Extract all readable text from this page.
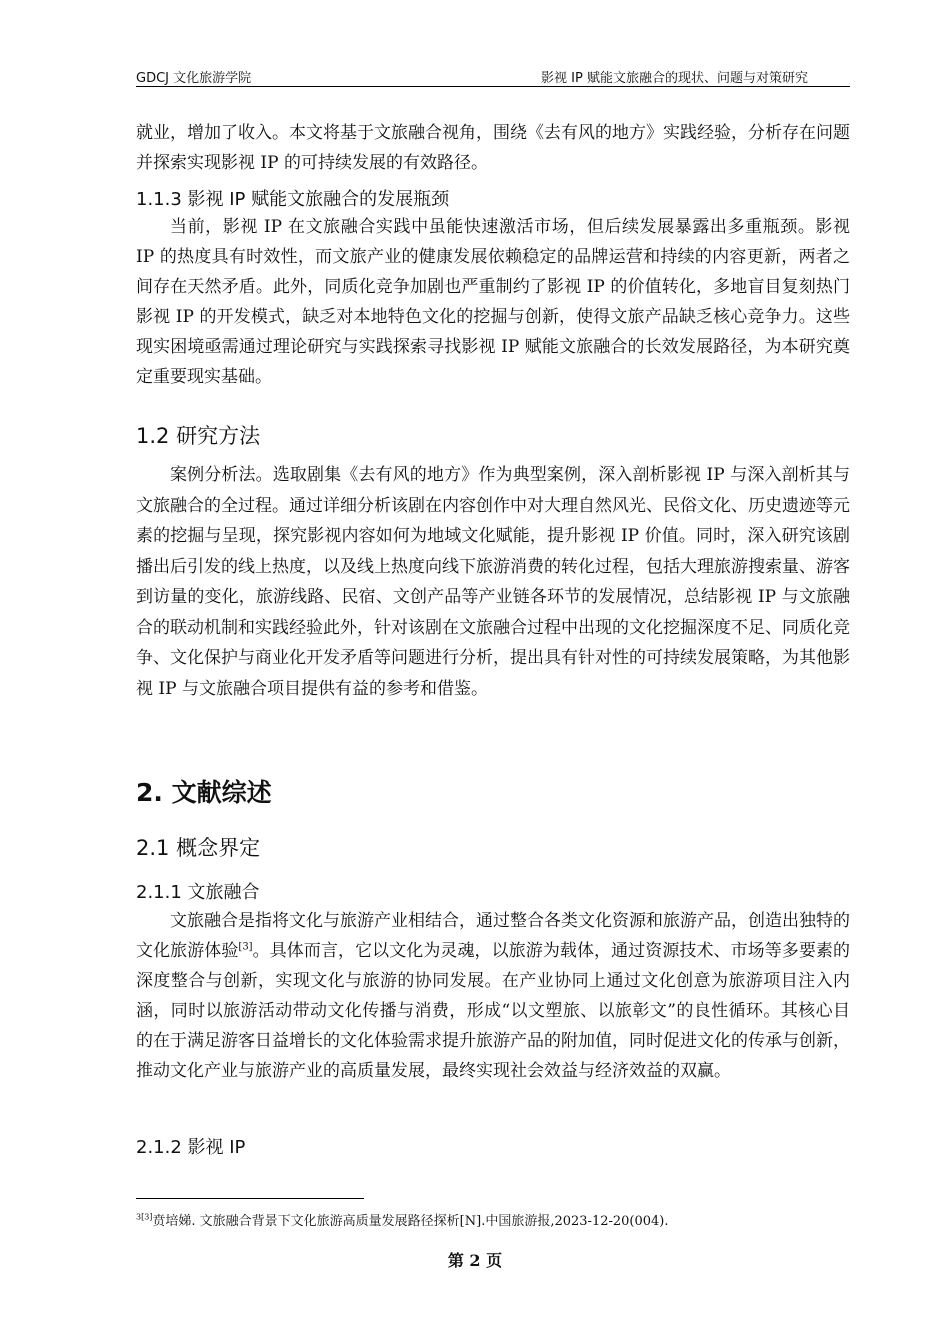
GDCJ 文化旅游学院	影视 IP 赋能文旅融合的现状、问题与对策研究
就业，增加了收入。本文将基于文旅融合视角，围绕《去有风的地方》实践经验，分析存在问题并探索实现影视 IP 的可持续发展的有效路径。
1.1.3 影视 IP 赋能文旅融合的发展瓶颈
当前，影视 IP 在文旅融合实践中虽能快速激活市场，但后续发展暴露出多重瓶颈。影视 IP 的热度具有时效性，而文旅产业的健康发展依赖稳定的品牌运营和持续的内容更新，两者之间存在天然矛盾。此外，同质化竞争加剧也严重制约了影视 IP 的价值转化，多地盲目复刻热门影视 IP 的开发模式，缺乏对本地特色文化的挖掘与创新，使得文旅产品缺乏核心竞争力。这些现实困境亟需通过理论研究与实践探索寻找影视 IP 赋能文旅融合的长效发展路径，为本研究奠定重要现实基础。
1.2 研究方法
案例分析法。选取剧集《去有风的地方》作为典型案例，深入剖析影视 IP 与深入剖析其与文旅融合的全过程。通过详细分析该剧在内容创作中对大理自然风光、民俗文化、历史遗迹等元素的挖掘与呈现，探究影视内容如何为地域文化赋能，提升影视 IP 价值。同时，深入研究该剧播出后引发的线上热度，以及线上热度向线下旅游消费的转化过程，包括大理旅游搜索量、游客到访量的变化，旅游线路、民宿、文创产品等产业链各环节的发展情况，总结影视 IP 与文旅融合的联动机制和实践经验此外，针对该剧在文旅融合过程中出现的文化挖掘深度不足、同质化竞争、文化保护与商业化开发矛盾等问题进行分析，提出具有针对性的可持续发展策略，为其他影视 IP 与文旅融合项目提供有益的参考和借鉴。
2. 文献综述
2.1 概念界定
2.1.1 文旅融合
文旅融合是指将文化与旅游产业相结合，通过整合各类文化资源和旅游产品，创造出独特的文化旅游体验[3]。具体而言，它以文化为灵魂，以旅游为载体，通过资源技术、市场等多要素的深度整合与创新，实现文化与旅游的协同发展。在产业协同上通过文化创意为旅游项目注入内涵，同时以旅游活动带动文化传播与消费，形成“以文塑旅、以旅彰文”的良性循环。其核心目的在于满足游客日益增长的文化体验需求提升旅游产品的附加值，同时促进文化的传承与创新，推动文化产业与旅游产业的高质量发展，最终实现社会效益与经济效益的双赢。
2.1.2 影视 IP
$^{3[3]}$贲培娣. 文旅融合背景下文化旅游高质量发展路径探析[N].中国旅游报,2023-12-20(004).
第 2 页
